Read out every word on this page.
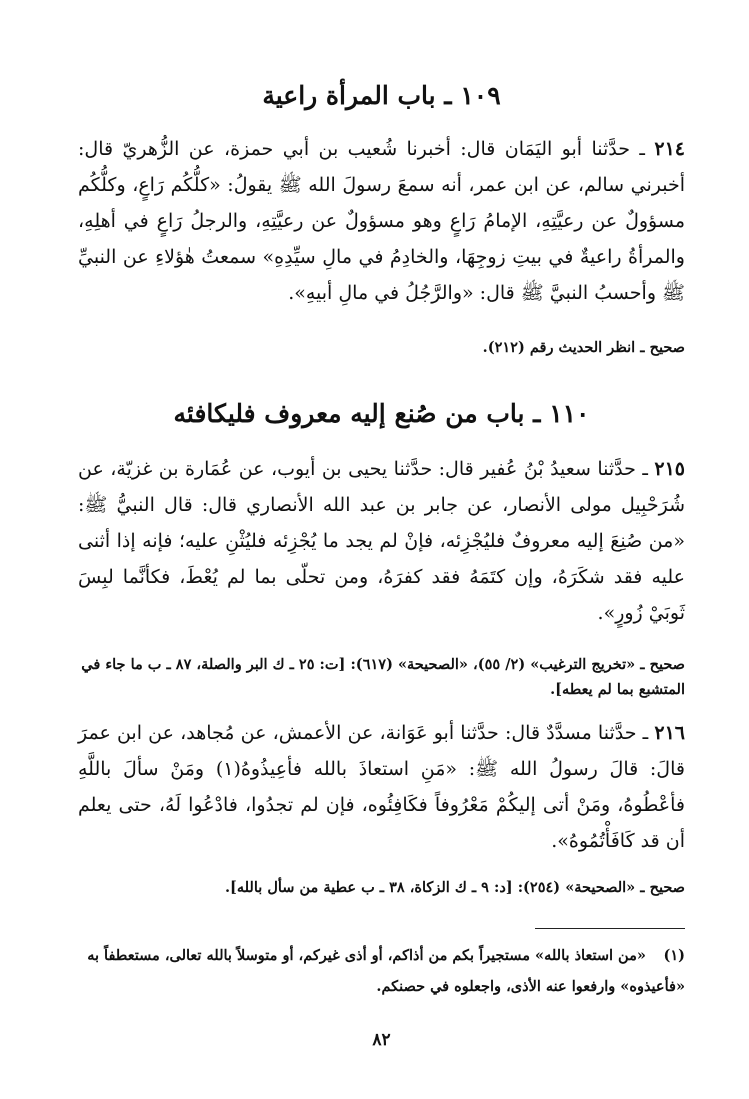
١٠٩ ـ باب المرأة راعية
٢١٤ ـ حدَّثنا أبو اليَمَان قال: أخبرنا شُعيب بن أبي حمزة، عن الزُّهريّ قال: أخبرني سالم، عن ابن عمر، أنه سمعَ رسولَ الله ﷺ يقولُ: «كلُّكُم رَاعٍ، وكلُّكُم مسؤولٌ عن رعيَّتِهِ، الإمامُ رَاعٍ وهو مسؤولٌ عن رعيَّتِهِ، والرجلُ رَاعٍ في أهلِهِ، والمرأةُ راعيةٌ في بيتِ زوجِهَا، والخادِمُ في مالِ سيِّدِهِ» سمعتُ هٰؤلاءِ عن النبيِّ ﷺ وأحسبُ النبيَّ ﷺ قال: «والرَّجُلُ في مالِ أبيهِ».
صحيح ـ انظر الحديث رقم (٢١٢).
١١٠ ـ باب من صُنع إليه معروف فليكافئه
٢١٥ ـ حدَّثنا سعيدُ بْنُ عُفير قال: حدَّثنا يحيى بن أيوب، عن عُمَارة بن غزيّة، عن شُرَحْبِيل مولى الأنصار، عن جابر بن عبد الله الأنصاري قال: قال النبيُّ ﷺ: «من صُنِعَ إليه معروفٌ فليُجْزِئه، فإنْ لم يجد ما يُجْزِئه فليُثْنِ عليه؛ فإنه إذا أثنى عليه فقد شكَرَهُ، وإن كتَمَهُ فقد كفرَهُ، ومن تحلّى بما لم يُعْطَ، فكأنَّما لبِسَ ثَوبَيْ زُورٍ».
صحيح ـ «تخريج الترغيب» (٢/ ٥٥)، «الصحيحة» (٦١٧): [ت: ٢٥ ـ ك البر والصلة، ٨٧ ـ ب ما جاء في المتشبع بما لم يعطه].
٢١٦ ـ حدَّثنا مسدَّدٌ قال: حدَّثنا أبو عَوَانة، عن الأعمش، عن مُجاهد، عن ابن عمرَ قالَ: قالَ رسولُ الله ﷺ: «مَنِ استعاذَ بالله فأعِيذُوهُ(١) ومَنْ سألَ باللَّهِ فأعْطُوهُ، ومَنْ أتى إليكُمْ مَعْرُوفاً فكَافِئُوه، فإن لم تجدُوا، فادْعُوا لَهُ، حتى يعلم أن قد كَافَأْتُمُوهُ».
صحيح ـ «الصحيحة» (٢٥٤): [د: ٩ ـ ك الزكاة، ٣٨ ـ ب عطية من سأل بالله].
(١) «من استعاذ بالله» مستجيراً بكم من أذاكم، أو أذى غيركم، أو متوسلاً بالله تعالى، مستعطفاً به «فأعيذوه» وارفعوا عنه الأذى، واجعلوه في حصنكم.
٨٢
